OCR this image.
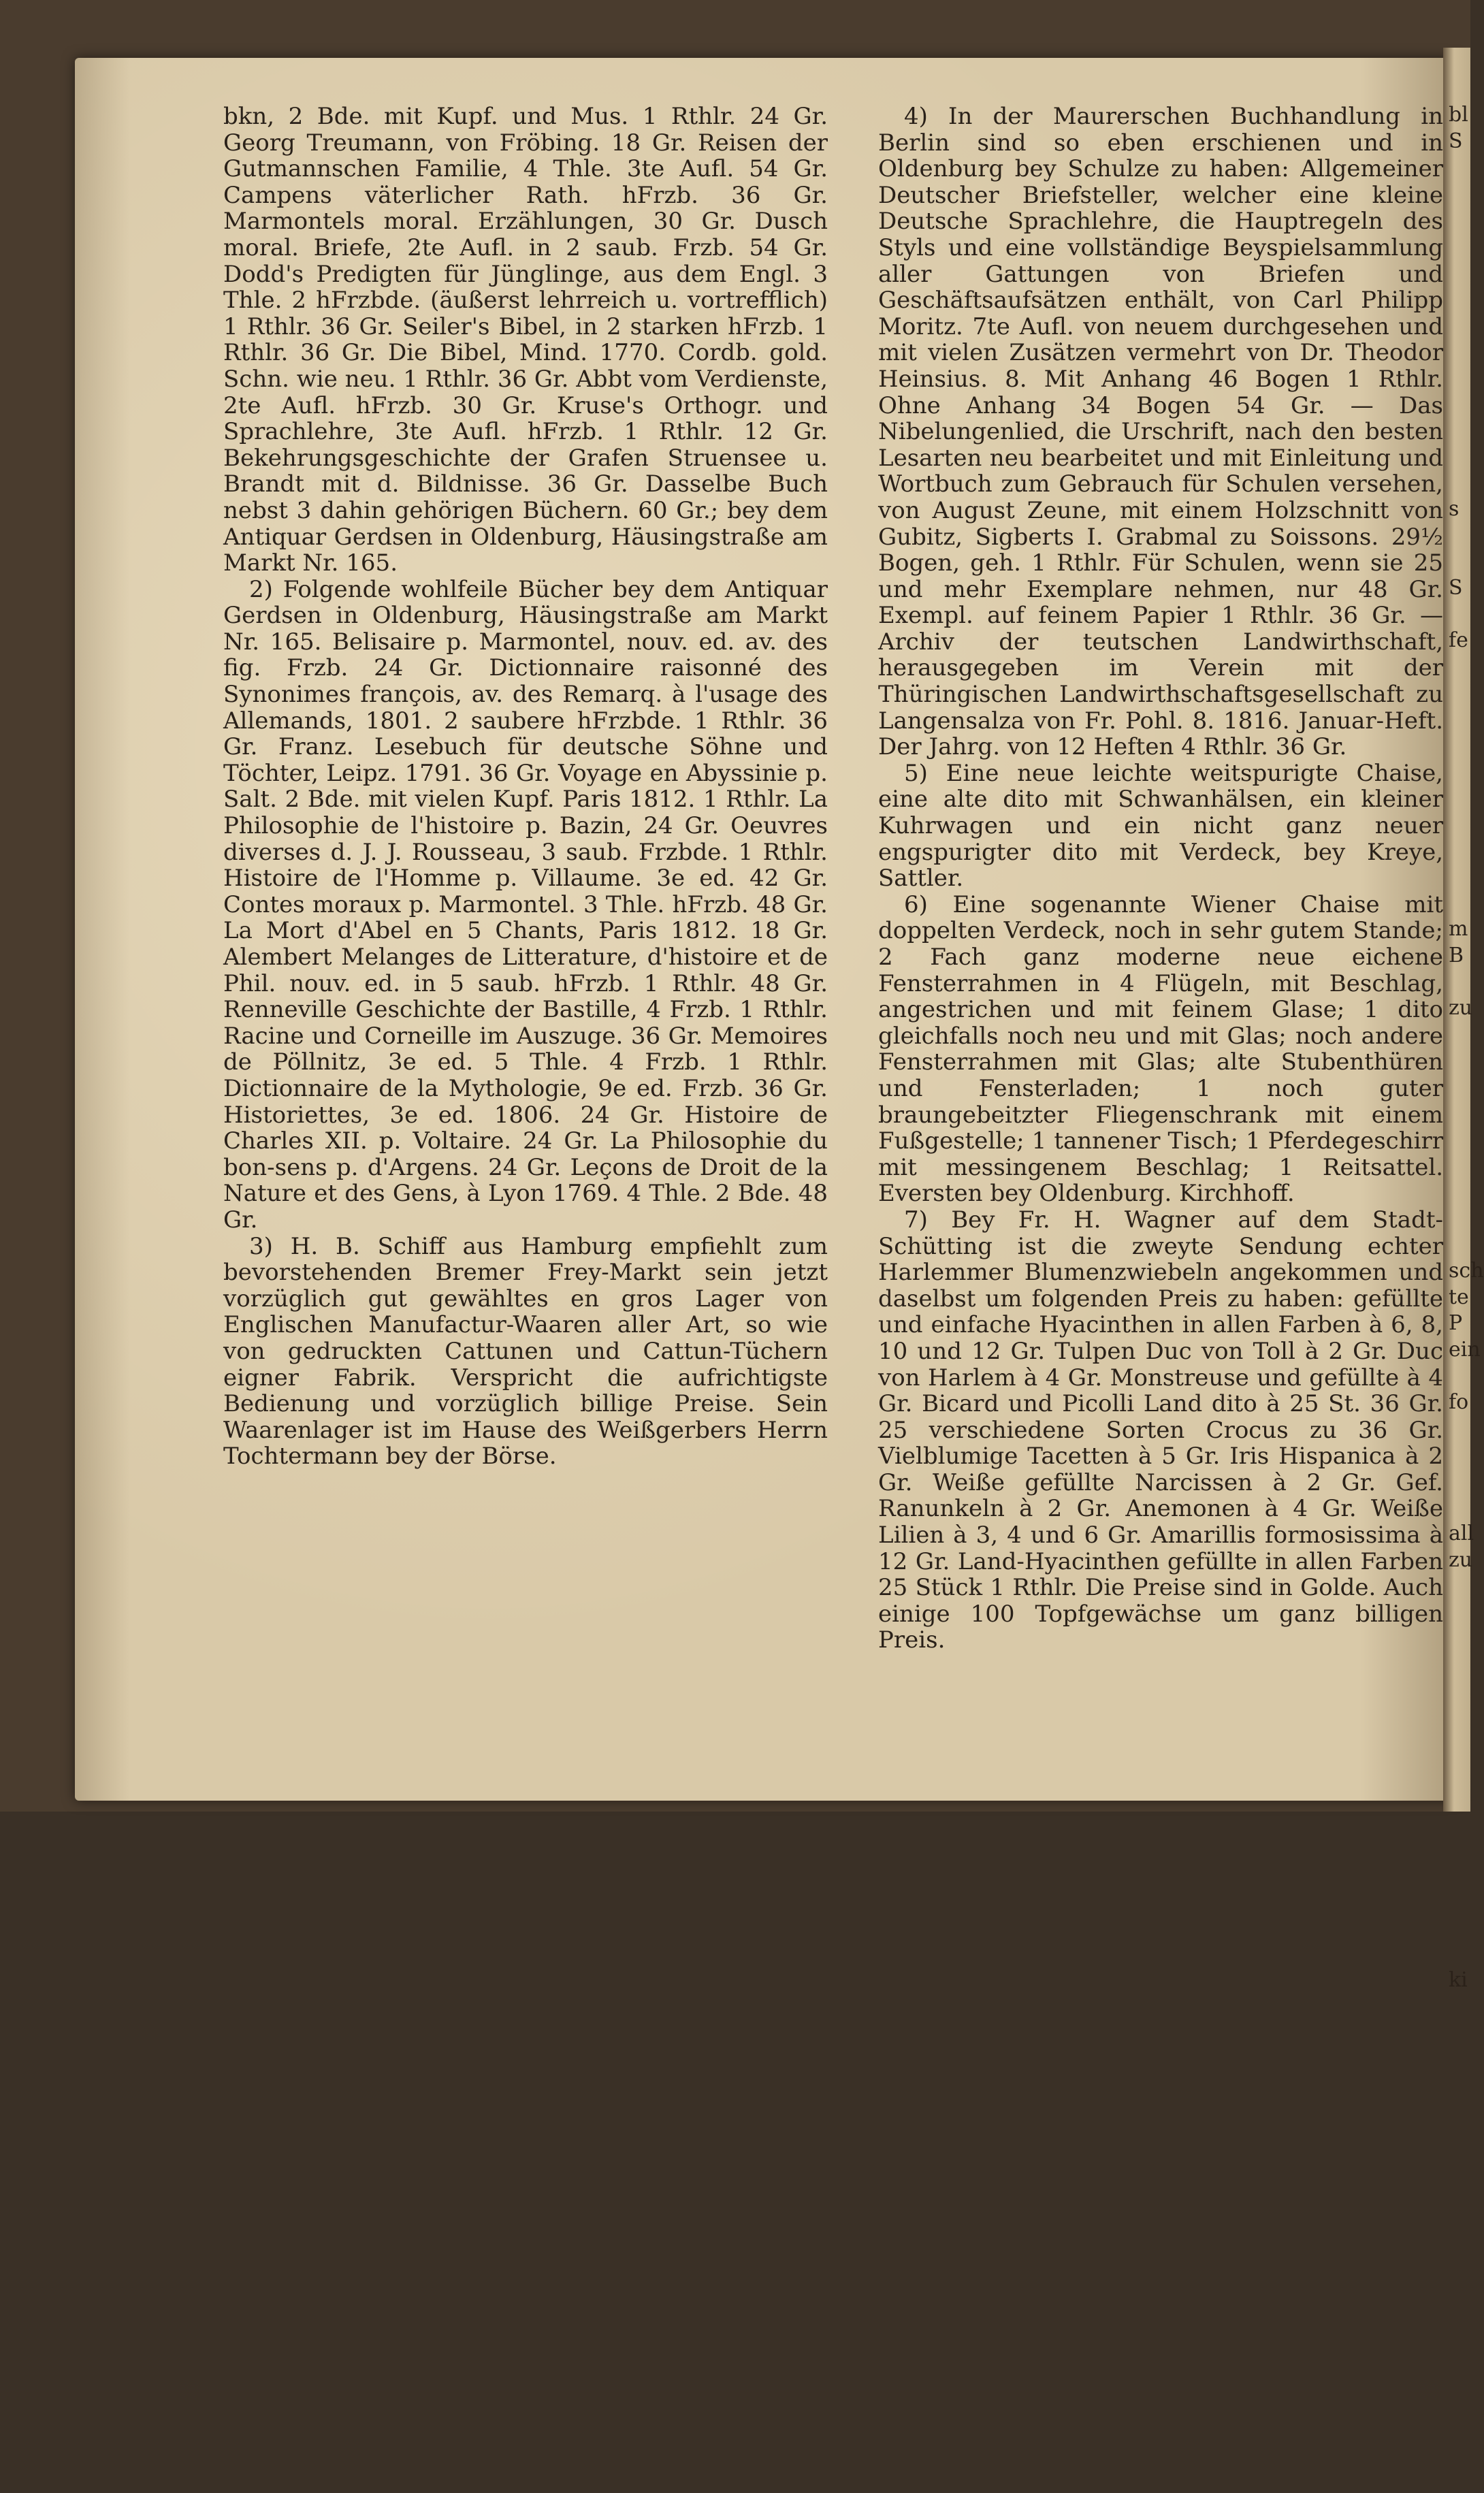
bkn, 2 Bde. mit Kupf. und Mus. 1 Rthlr. 24 Gr. Georg Treumann, von Fröbing. 18 Gr. Reisen der Gutmannschen Familie, 4 Thle. 3te Aufl. 54 Gr. Campens väterlicher Rath. hFrzb. 36 Gr. Marmontels moral. Erzählungen, 30 Gr. Dusch moral. Briefe, 2te Aufl. in 2 saub. Frzb. 54 Gr. Dodd's Predigten für Jünglinge, aus dem Engl. 3 Thle. 2 hFrzbde. (äußerst lehrreich u. vortrefflich) 1 Rthlr. 36 Gr. Seiler's Bibel, in 2 starken hFrzb. 1 Rthlr. 36 Gr. Die Bibel, Mind. 1770. Cordb. gold. Schn. wie neu. 1 Rthlr. 36 Gr. Abbt vom Verdienste, 2te Aufl. hFrzb. 30 Gr. Kruse's Orthogr. und Sprachlehre, 3te Aufl. hFrzb. 1 Rthlr. 12 Gr. Bekehrungsgeschichte der Grafen Struensee u. Brandt mit d. Bildnisse. 36 Gr. Dasselbe Buch nebst 3 dahin gehörigen Büchern. 60 Gr.; bey dem Antiquar Gerdsen in Oldenburg, Häusingstraße am Markt Nr. 165.

2) Folgende wohlfeile Bücher bey dem Antiquar Gerdsen in Oldenburg, Häusingstraße am Markt Nr. 165. Belisaire p. Marmontel, nouv. ed. av. des fig. Frzb. 24 Gr. Dictionnaire raisonné des Synonimes françois, av. des Remarq. à l'usage des Allemands, 1801. 2 saubere hFrzbde. 1 Rthlr. 36 Gr. Franz. Lesebuch für deutsche Söhne und Töchter, Leipz. 1791. 36 Gr. Voyage en Abyssinie p. Salt. 2 Bde. mit vielen Kupf. Paris 1812. 1 Rthlr. La Philosophie de l'histoire p. Bazin, 24 Gr. Oeuvres diverses d. J. J. Rousseau, 3 saub. Frzbde. 1 Rthlr. Histoire de l'Homme p. Villaume. 3e ed. 42 Gr. Contes moraux p. Marmontel. 3 Thle. hFrzb. 48 Gr. La Mort d'Abel en 5 Chants, Paris 1812. 18 Gr. Alembert Melanges de Litterature, d'histoire et de Phil. nouv. ed. in 5 saub. hFrzb. 1 Rthlr. 48 Gr. Renneville Geschichte der Bastille, 4 Frzb. 1 Rthlr. Racine und Corneille im Auszuge. 36 Gr. Memoires de Pöllnitz, 3e ed. 5 Thle. 4 Frzb. 1 Rthlr. Dictionnaire de la Mythologie, 9e ed. Frzb. 36 Gr. Historiettes, 3e ed. 1806. 24 Gr. Histoire de Charles XII. p. Voltaire. 24 Gr. La Philosophie du bon-sens p. d'Argens. 24 Gr. Leçons de Droit de la Nature et des Gens, à Lyon 1769. 4 Thle. 2 Bde. 48 Gr.

3) H. B. Schiff aus Hamburg empfiehlt zum bevorstehenden Bremer Frey-Markt sein jetzt vorzüglich gut gewähltes en gros Lager von Englischen Manufactur-Waaren aller Art, so wie von gedruckten Cattunen und Cattun-Tüchern eigner Fabrik. Verspricht die aufrichtigste Bedienung und vorzüglich billige Preise. Sein Waarenlager ist im Hause des Weißgerbers Herrn Tochtermann bey der Börse.

4) In der Maurerschen Buchhandlung in Berlin sind so eben erschienen und in Oldenburg bey Schulze zu haben: Allgemeiner Deutscher Briefsteller, welcher eine kleine Deutsche Sprachlehre, die Hauptregeln des Styls und eine vollständige Beyspielsammlung aller Gattungen von Briefen und Geschäftsaufsätzen enthält, von Carl Philipp Moritz. 7te Aufl. von neuem durchgesehen und mit vielen Zusätzen vermehrt von Dr. Theodor Heinsius. 8. Mit Anhang 46 Bogen 1 Rthlr. Ohne Anhang 34 Bogen 54 Gr. — Das Nibelungenlied, die Urschrift, nach den besten Lesarten neu bearbeitet und mit Einleitung und Wortbuch zum Gebrauch für Schulen versehen, von August Zeune, mit einem Holzschnitt von Gubitz, Sigberts I. Grabmal zu Soissons. 29½ Bogen, geh. 1 Rthlr. Für Schulen, wenn sie 25 und mehr Exemplare nehmen, nur 48 Gr. Exempl. auf feinem Papier 1 Rthlr. 36 Gr. — Archiv der teutschen Landwirthschaft, herausgegeben im Verein mit der Thüringischen Landwirthschaftsgesellschaft zu Langensalza von Fr. Pohl. 8. 1816. Januar-Heft. Der Jahrg. von 12 Heften 4 Rthlr. 36 Gr.

5) Eine neue leichte weitspurigte Chaise, eine alte dito mit Schwanhälsen, ein kleiner Kuhrwagen und ein nicht ganz neuer engspurigter dito mit Verdeck, bey Kreye, Sattler.

6) Eine sogenannte Wiener Chaise mit doppelten Verdeck, noch in sehr gutem Stande; 2 Fach ganz moderne neue eichene Fensterrahmen in 4 Flügeln, mit Beschlag, angestrichen und mit feinem Glase; 1 dito gleichfalls noch neu und mit Glas; noch andere Fensterrahmen mit Glas; alte Stubenthüren und Fensterladen; 1 noch guter braungebeitzter Fliegenschrank mit einem Fußgestelle; 1 tannener Tisch; 1 Pferdegeschirr mit messingenem Beschlag; 1 Reitsattel. Eversten bey Oldenburg. Kirchhoff.

7) Bey Fr. H. Wagner auf dem Stadt-Schütting ist die zweyte Sendung echter Harlemmer Blumenzwiebeln angekommen und daselbst um folgenden Preis zu haben: gefüllte und einfache Hyacinthen in allen Farben à 6, 8, 10 und 12 Gr. Tulpen Duc von Toll à 2 Gr. Duc von Harlem à 4 Gr. Monstreuse und gefüllte à 4 Gr. Bicard und Picolli Land dito à 25 St. 36 Gr. 25 verschiedene Sorten Crocus zu 36 Gr. Vielblumige Tacetten à 5 Gr. Iris Hispanica à 2 Gr. Weiße gefüllte Narcissen à 2 Gr. Gef. Ranunkeln à 2 Gr. Anemonen à 4 Gr. Weiße Lilien à 3, 4 und 6 Gr. Amarillis formosissima à 12 Gr. Land-Hyacinthen gefüllte in allen Farben 25 Stück 1 Rthlr. Die Preise sind in Golde. Auch einige 100 Topfgewächse um ganz billigen Preis.

bl
S
s
S
fe
m
B
zu
sch
te
P
ein
fo
all
zu
ki
